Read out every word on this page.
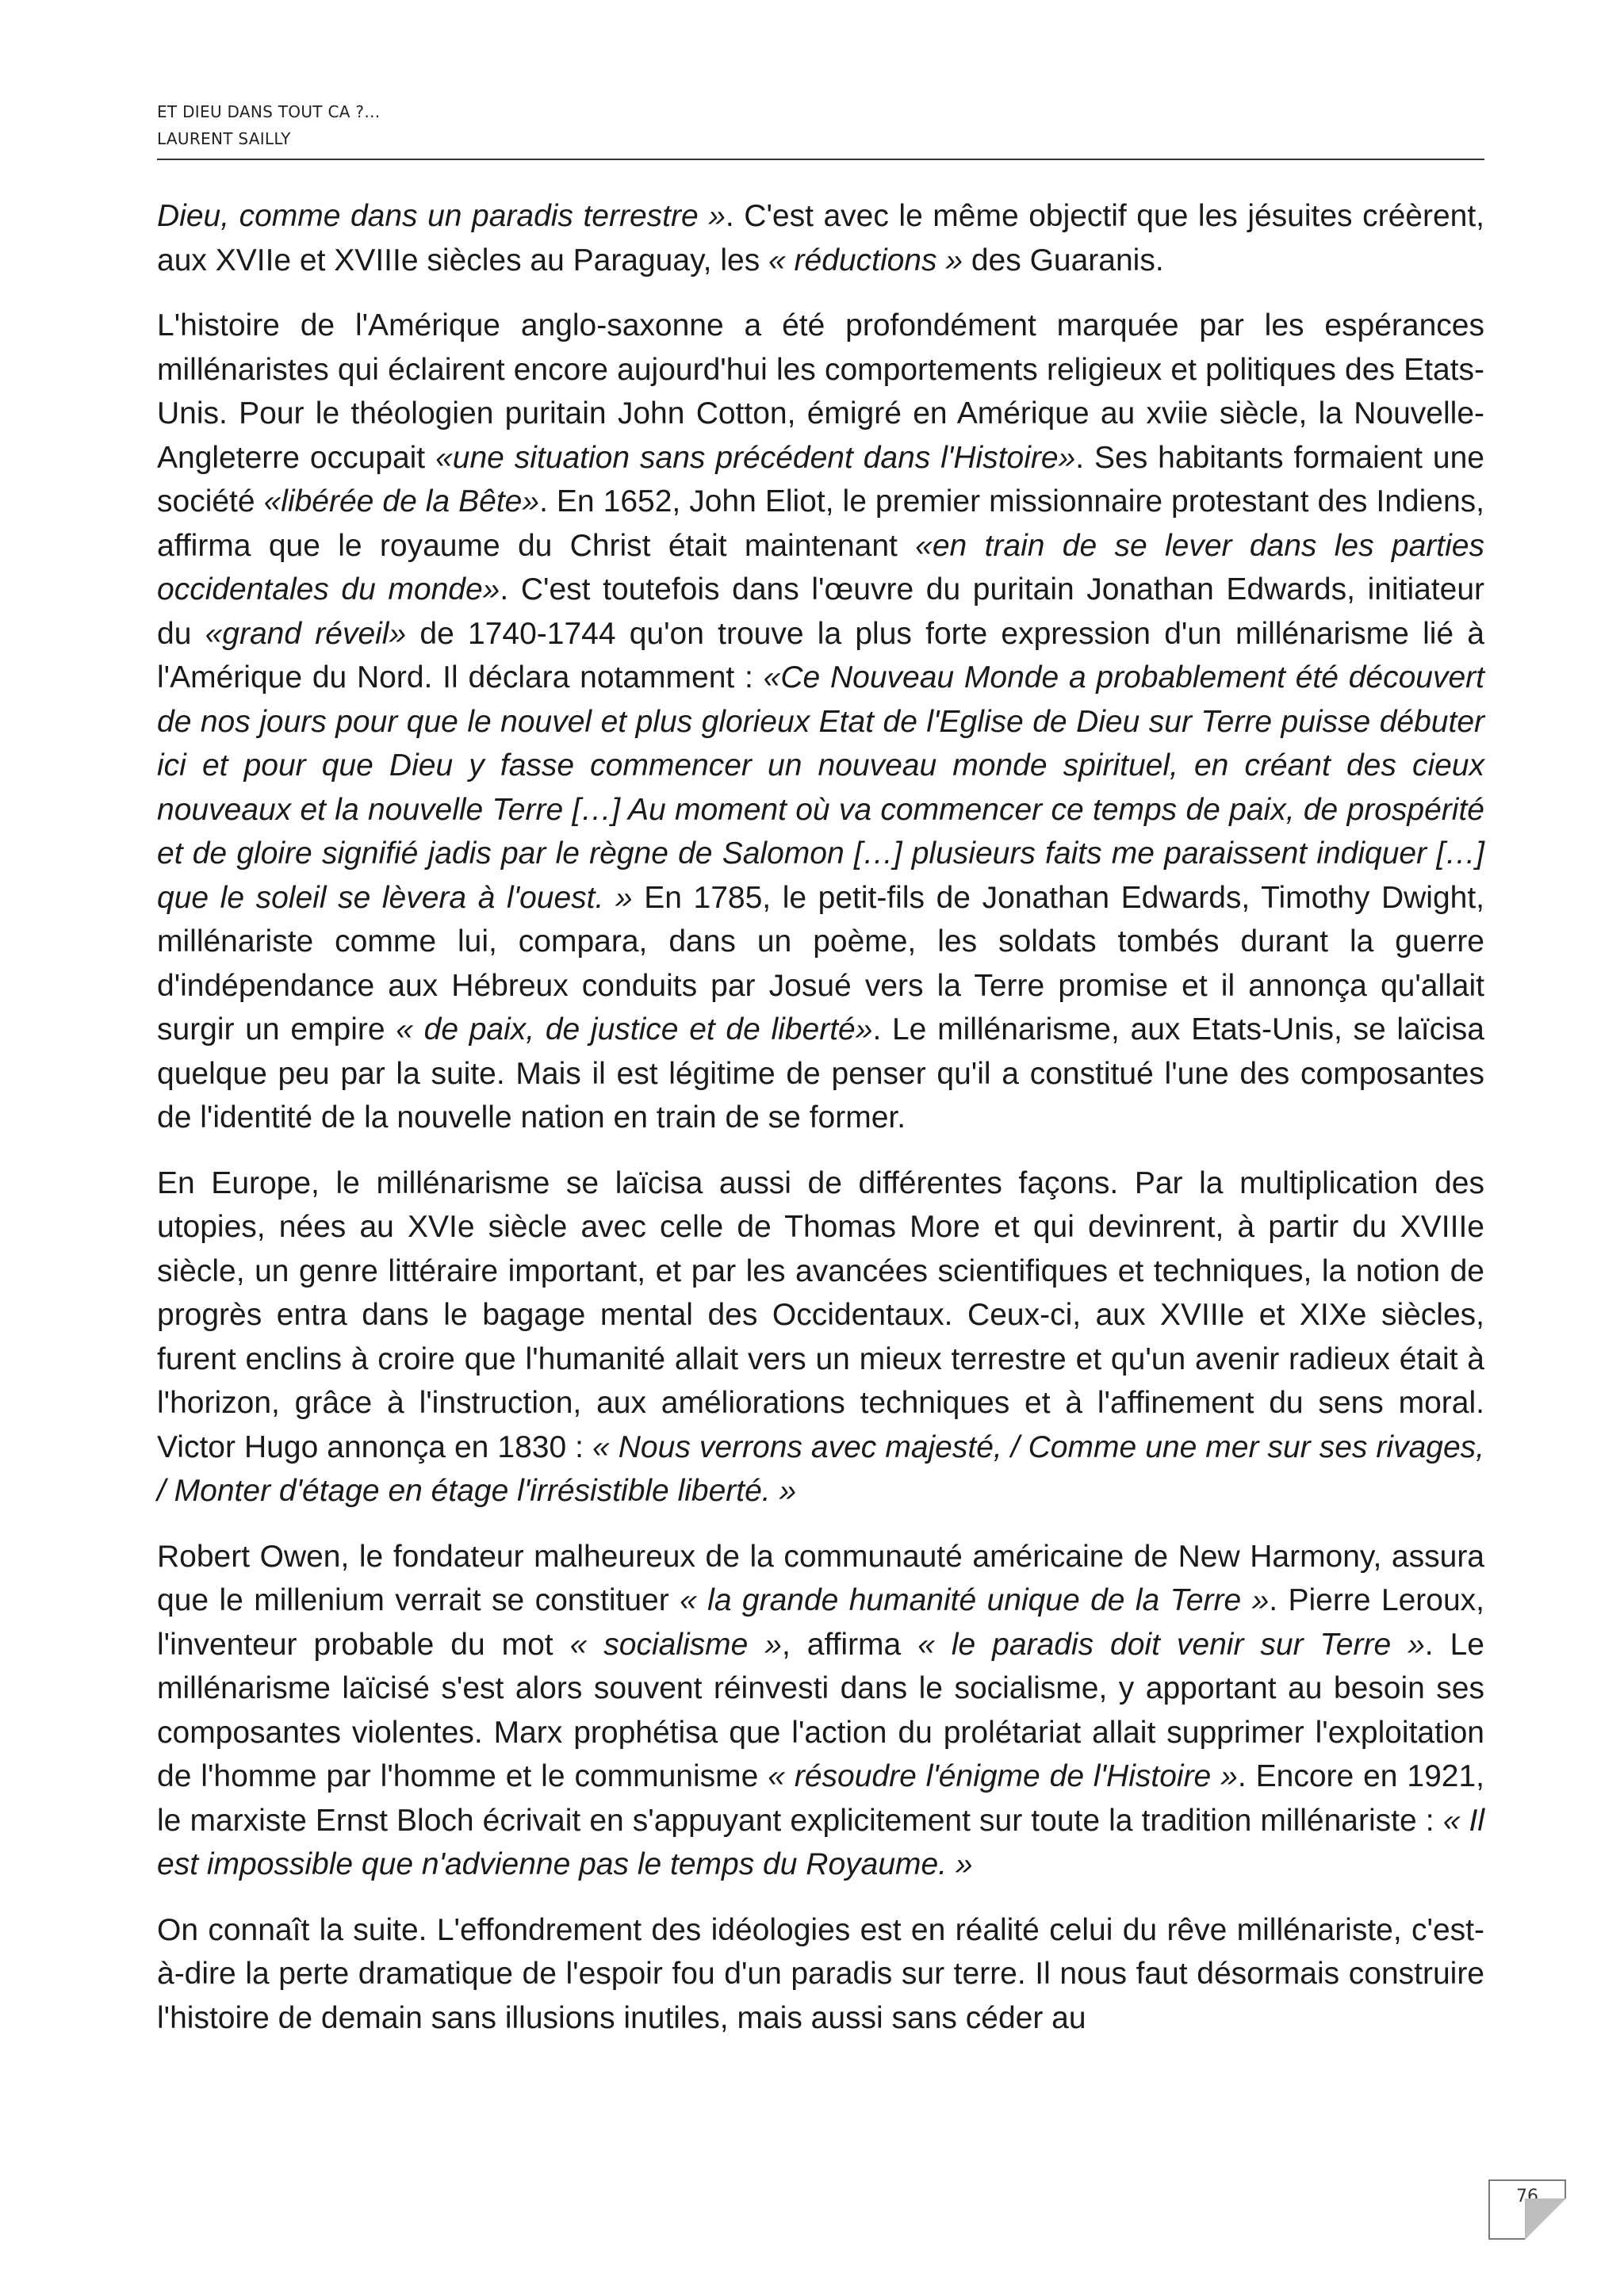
ET DIEU DANS TOUT CA ?…
LAURENT SAILLY

Dieu, comme dans un paradis terrestre ». C'est avec le même objectif que les jésuites créèrent, aux XVIIe et XVIIIe siècles au Paraguay, les « réductions » des Guaranis.

L'histoire de l'Amérique anglo-saxonne a été profondément marquée par les espérances millénaristes qui éclairent encore aujourd'hui les comportements religieux et politiques des Etats-Unis. Pour le théologien puritain John Cotton, émigré en Amérique au xviie siècle, la Nouvelle-Angleterre occupait «une situation sans précédent dans l'Histoire». Ses habitants formaient une société «libérée de la Bête». En 1652, John Eliot, le premier missionnaire protestant des Indiens, affirma que le royaume du Christ était maintenant «en train de se lever dans les parties occidentales du monde». C'est toutefois dans l'œuvre du puritain Jonathan Edwards, initiateur du «grand réveil» de 1740-1744 qu'on trouve la plus forte expression d'un millénarisme lié à l'Amérique du Nord. Il déclara notamment : «Ce Nouveau Monde a probablement été découvert de nos jours pour que le nouvel et plus glorieux Etat de l'Eglise de Dieu sur Terre puisse débuter ici et pour que Dieu y fasse commencer un nouveau monde spirituel, en créant des cieux nouveaux et la nouvelle Terre […] Au moment où va commencer ce temps de paix, de prospérité et de gloire signifié jadis par le règne de Salomon […] plusieurs faits me paraissent indiquer […] que le soleil se lèvera à l'ouest. » En 1785, le petit-fils de Jonathan Edwards, Timothy Dwight, millénariste comme lui, compara, dans un poème, les soldats tombés durant la guerre d'indépendance aux Hébreux conduits par Josué vers la Terre promise et il annonça qu'allait surgir un empire « de paix, de justice et de liberté». Le millénarisme, aux Etats-Unis, se laïcisa quelque peu par la suite. Mais il est légitime de penser qu'il a constitué l'une des composantes de l'identité de la nouvelle nation en train de se former.

En Europe, le millénarisme se laïcisa aussi de différentes façons. Par la multiplication des utopies, nées au XVIe siècle avec celle de Thomas More et qui devinrent, à partir du XVIIIe siècle, un genre littéraire important, et par les avancées scientifiques et techniques, la notion de progrès entra dans le bagage mental des Occidentaux. Ceux-ci, aux XVIIIe et XIXe siècles, furent enclins à croire que l'humanité allait vers un mieux terrestre et qu'un avenir radieux était à l'horizon, grâce à l'instruction, aux améliorations techniques et à l'affinement du sens moral. Victor Hugo annonça en 1830 : « Nous verrons avec majesté, / Comme une mer sur ses rivages, / Monter d'étage en étage l'irrésistible liberté. »

Robert Owen, le fondateur malheureux de la communauté américaine de New Harmony, assura que le millenium verrait se constituer « la grande humanité unique de la Terre ». Pierre Leroux, l'inventeur probable du mot « socialisme », affirma « le paradis doit venir sur Terre ». Le millénarisme laïcisé s'est alors souvent réinvesti dans le socialisme, y apportant au besoin ses composantes violentes. Marx prophétisa que l'action du prolétariat allait supprimer l'exploitation de l'homme par l'homme et le communisme « résoudre l'énigme de l'Histoire ». Encore en 1921, le marxiste Ernst Bloch écrivait en s'appuyant explicitement sur toute la tradition millénariste : « Il est impossible que n'advienne pas le temps du Royaume. »

On connaît la suite. L'effondrement des idéologies est en réalité celui du rêve millénariste, c'est-à-dire la perte dramatique de l'espoir fou d'un paradis sur terre. Il nous faut désormais construire l'histoire de demain sans illusions inutiles, mais aussi sans céder au

76
